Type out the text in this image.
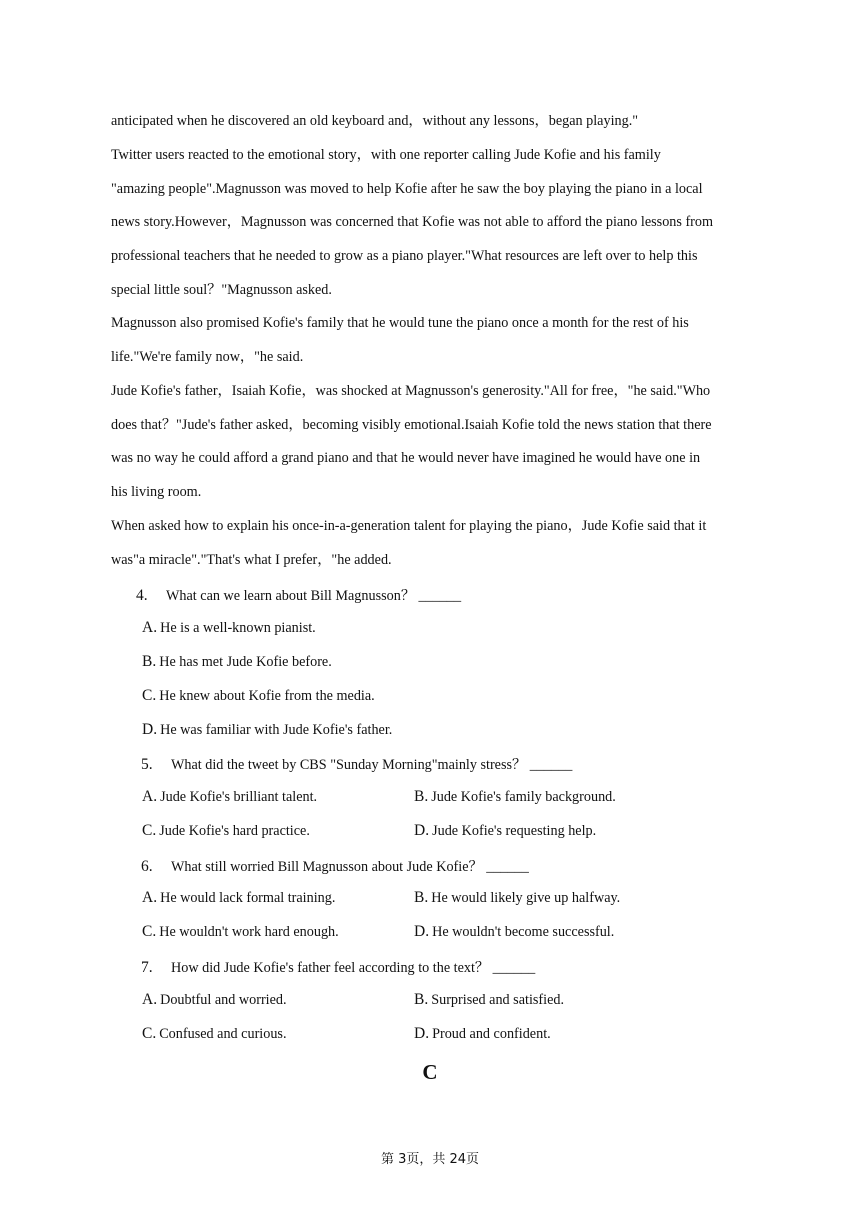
anticipated when he discovered an old keyboard and，without any lessons，began playing."

Twitter users reacted to the emotional story，with one reporter calling Jude Kofie and his family
"amazing people".Magnusson was moved to help Kofie after he saw the boy playing the piano in a local
news story.However，Magnusson was concerned that Kofie was not able to afford the piano lessons from
professional teachers that he needed to grow as a piano player."What resources are left over to help this
special little soul？"Magnusson asked.

Magnusson also promised Kofie's family that he would tune the piano once a month for the rest of his
life."We're family now，"he said.

Jude Kofie's father，Isaiah Kofie，was shocked at Magnusson's generosity."All for free，"he said."Who
does that？"Jude's father asked，becoming visibly emotional.Isaiah Kofie told the news station that there
was no way he could afford a grand piano and that he would never have imagined he would have one in
his living room.

When asked how to explain his once-in-a-generation talent for playing the piano，Jude Kofie said that it
was"a miracle"."That's what I prefer，"he added.

4. What can we learn about Bill Magnusson？ ______
A. He is a well-known pianist.
B. He has met Jude Kofie before.
C. He knew about Kofie from the media.
D. He was familiar with Jude Kofie's father.
5. What did the tweet by CBS "Sunday Morning"mainly stress？ ______
A. Jude Kofie's brilliant talent.	B. Jude Kofie's family background.
C. Jude Kofie's hard practice.	D. Jude Kofie's requesting help.
6. What still worried Bill Magnusson about Jude Kofie？ ______
A. He would lack formal training.	B. He would likely give up halfway.
C. He wouldn't work hard enough.	D. He wouldn't become successful.
7. How did Jude Kofie's father feel according to the text？ ______
A. Doubtful and worried.	B. Surprised and satisfied.
C. Confused and curious.	D. Proud and confident.
C
第 3页，共 24页
